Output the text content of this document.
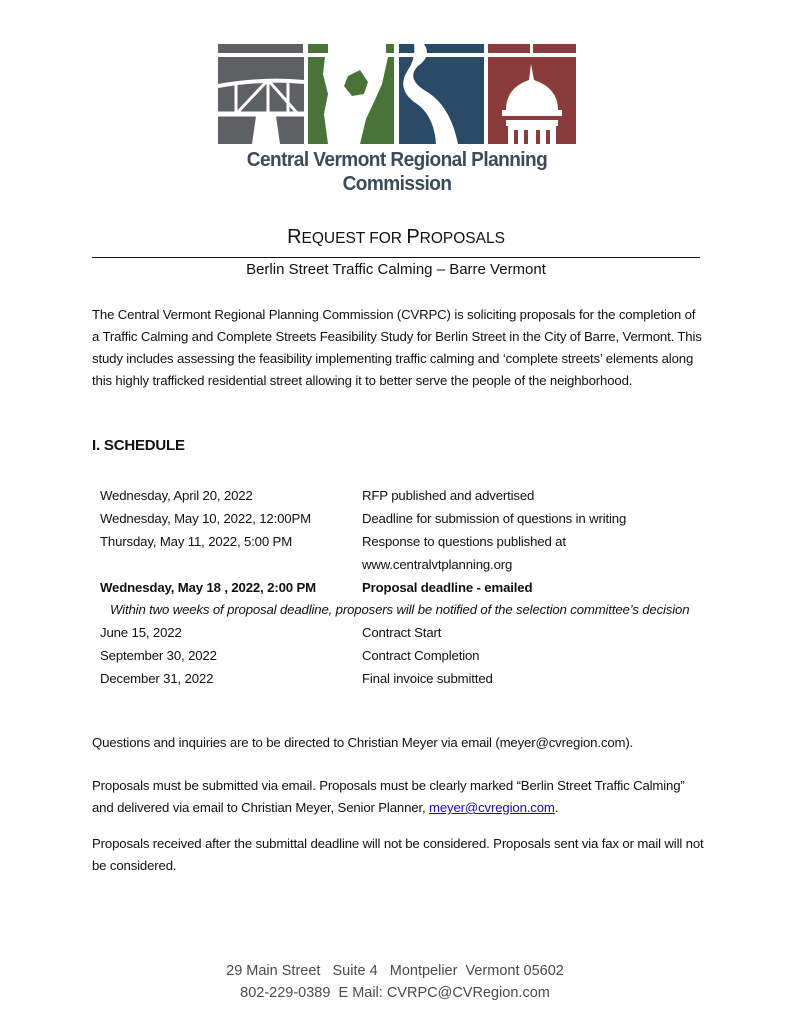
Central Vermont Regional Planning Commission
REQUEST FOR PROPOSALS
Berlin Street Traffic Calming – Barre Vermont
The Central Vermont Regional Planning Commission (CVRPC) is soliciting proposals for the completion of a Traffic Calming and Complete Streets Feasibility Study for Berlin Street in the City of Barre, Vermont. This study includes assessing the feasibility implementing traffic calming and ‘complete streets’ elements along this highly trafficked residential street allowing it to better serve the people of the neighborhood.
I. SCHEDULE
Wednesday, April 20, 2022	RFP published and advertised
Wednesday, May 10, 2022, 12:00PM	Deadline for submission of questions in writing
Thursday, May 11, 2022, 5:00 PM	Response to questions published at www.centralvtplanning.org
Wednesday, May 18 , 2022, 2:00 PM	Proposal deadline - emailed
Within two weeks of proposal deadline, proposers will be notified of the selection committee’s decision
June 15, 2022	Contract Start
September 30, 2022	Contract Completion
December 31, 2022	Final invoice submitted
Questions and inquiries are to be directed to Christian Meyer via email (meyer@cvregion.com).
Proposals must be submitted via email. Proposals must be clearly marked “Berlin Street Traffic Calming” and delivered via email to Christian Meyer, Senior Planner, meyer@cvregion.com.
Proposals received after the submittal deadline will not be considered. Proposals sent via fax or mail will not be considered.
29 Main Street   Suite 4   Montpelier  Vermont 05602
802-229-0389  E Mail: CVRPC@CVRegion.com
